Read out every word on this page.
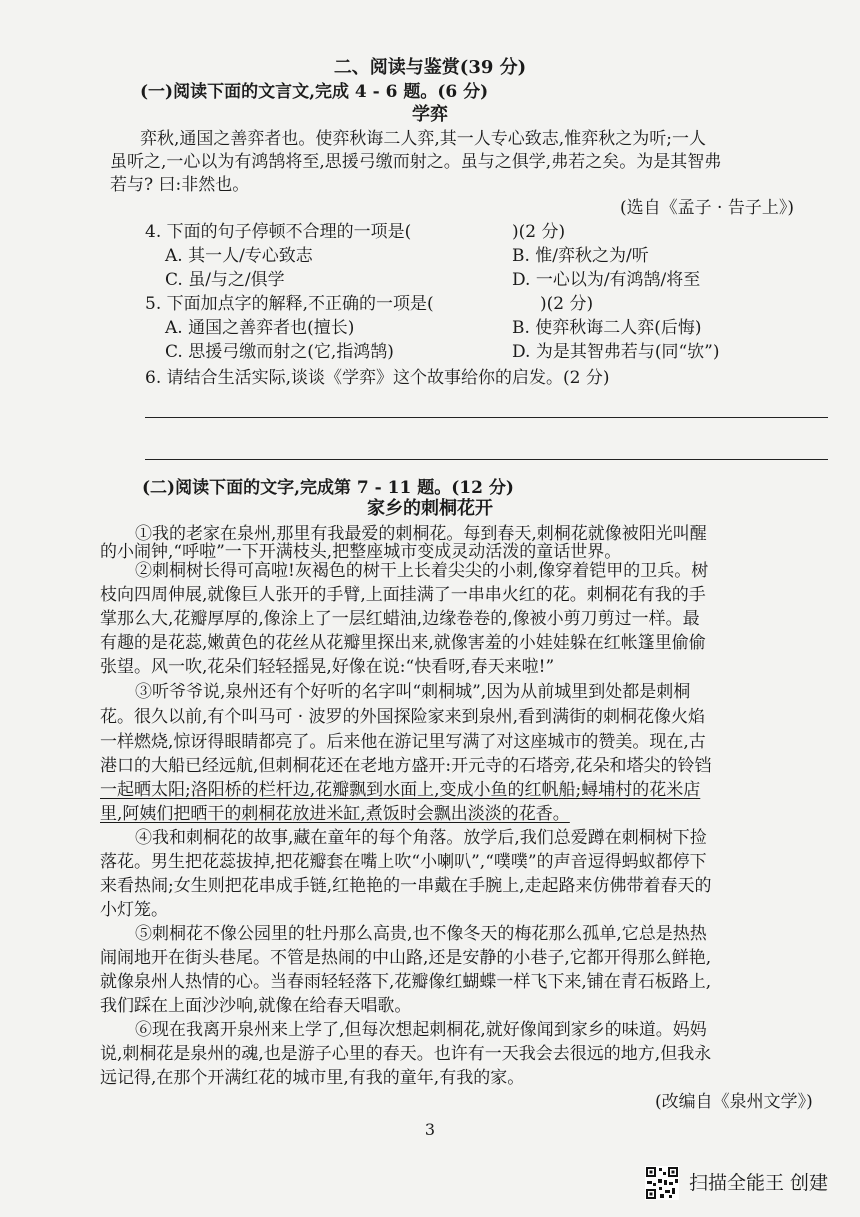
二、阅读与鉴赏(39 分)
(一)阅读下面的文言文,完成 4 - 6 题。(6 分)
学弈
弈秋,通国之善弈者也。使弈秋诲二人弈,其一人专心致志,惟弈秋之为听;一人
虽听之,一心以为有鸿鹄将至,思援弓缴而射之。虽与之俱学,弗若之矣。为是其智弗
若与? 曰:非然也。
(选自《孟子 · 告子上》)
4. 下面的句子停顿不合理的一项是(	)(2 分)
A. 其一人/专心致志	B. 惟/弈秋之为/听
C. 虽/与之/俱学	D. 一心以为/有鸿鹄/将至
5. 下面加点字的解释,不正确的一项是(	)(2 分)
A. 通国之善弈者也(擅长)	B. 使弈秋诲二人弈(后悔)
C. 思援弓缴而射之(它,指鸿鹄)	D. 为是其智弗若与(同“欤”)
6. 请结合生活实际,谈谈《学弈》这个故事给你的启发。(2 分)
(二)阅读下面的文字,完成第 7 - 11 题。(12 分)
家乡的刺桐花开
①我的老家在泉州,那里有我最爱的刺桐花。每到春天,刺桐花就像被阳光叫醒
的小闹钟,“呼啦”一下开满枝头,把整座城市变成灵动活泼的童话世界。
②刺桐树长得可高啦!灰褐色的树干上长着尖尖的小刺,像穿着铠甲的卫兵。树
枝向四周伸展,就像巨人张开的手臂,上面挂满了一串串火红的花。刺桐花有我的手
掌那么大,花瓣厚厚的,像涂上了一层红蜡油,边缘卷卷的,像被小剪刀剪过一样。最
有趣的是花蕊,嫩黄色的花丝从花瓣里探出来,就像害羞的小娃娃躲在红帐篷里偷偷
张望。风一吹,花朵们轻轻摇晃,好像在说:“快看呀,春天来啦!”
③听爷爷说,泉州还有个好听的名字叫“刺桐城”,因为从前城里到处都是刺桐
花。很久以前,有个叫马可 · 波罗的外国探险家来到泉州,看到满街的刺桐花像火焰
一样燃烧,惊讶得眼睛都亮了。后来他在游记里写满了对这座城市的赞美。现在,古
港口的大船已经远航,但刺桐花还在老地方盛开:开元寺的石塔旁,花朵和塔尖的铃铛
一起晒太阳;洛阳桥的栏杆边,花瓣飘到水面上,变成小鱼的红帆船;蟳埔村的花米店
里,阿姨们把晒干的刺桐花放进米缸,煮饭时会飘出淡淡的花香。
④我和刺桐花的故事,藏在童年的每个角落。放学后,我们总爱蹲在刺桐树下捡
落花。男生把花蕊拔掉,把花瓣套在嘴上吹“小喇叭”,“噗噗”的声音逗得蚂蚁都停下
来看热闹;女生则把花串成手链,红艳艳的一串戴在手腕上,走起路来仿佛带着春天的
小灯笼。
⑤刺桐花不像公园里的牡丹那么高贵,也不像冬天的梅花那么孤单,它总是热热
闹闹地开在街头巷尾。不管是热闹的中山路,还是安静的小巷子,它都开得那么鲜艳,
就像泉州人热情的心。当春雨轻轻落下,花瓣像红蝴蝶一样飞下来,铺在青石板路上,
我们踩在上面沙沙响,就像在给春天唱歌。
⑥现在我离开泉州来上学了,但每次想起刺桐花,就好像闻到家乡的味道。妈妈
说,刺桐花是泉州的魂,也是游子心里的春天。也许有一天我会去很远的地方,但我永
远记得,在那个开满红花的城市里,有我的童年,有我的家。
(改编自《泉州文学》)
3
扫描全能王 创建
